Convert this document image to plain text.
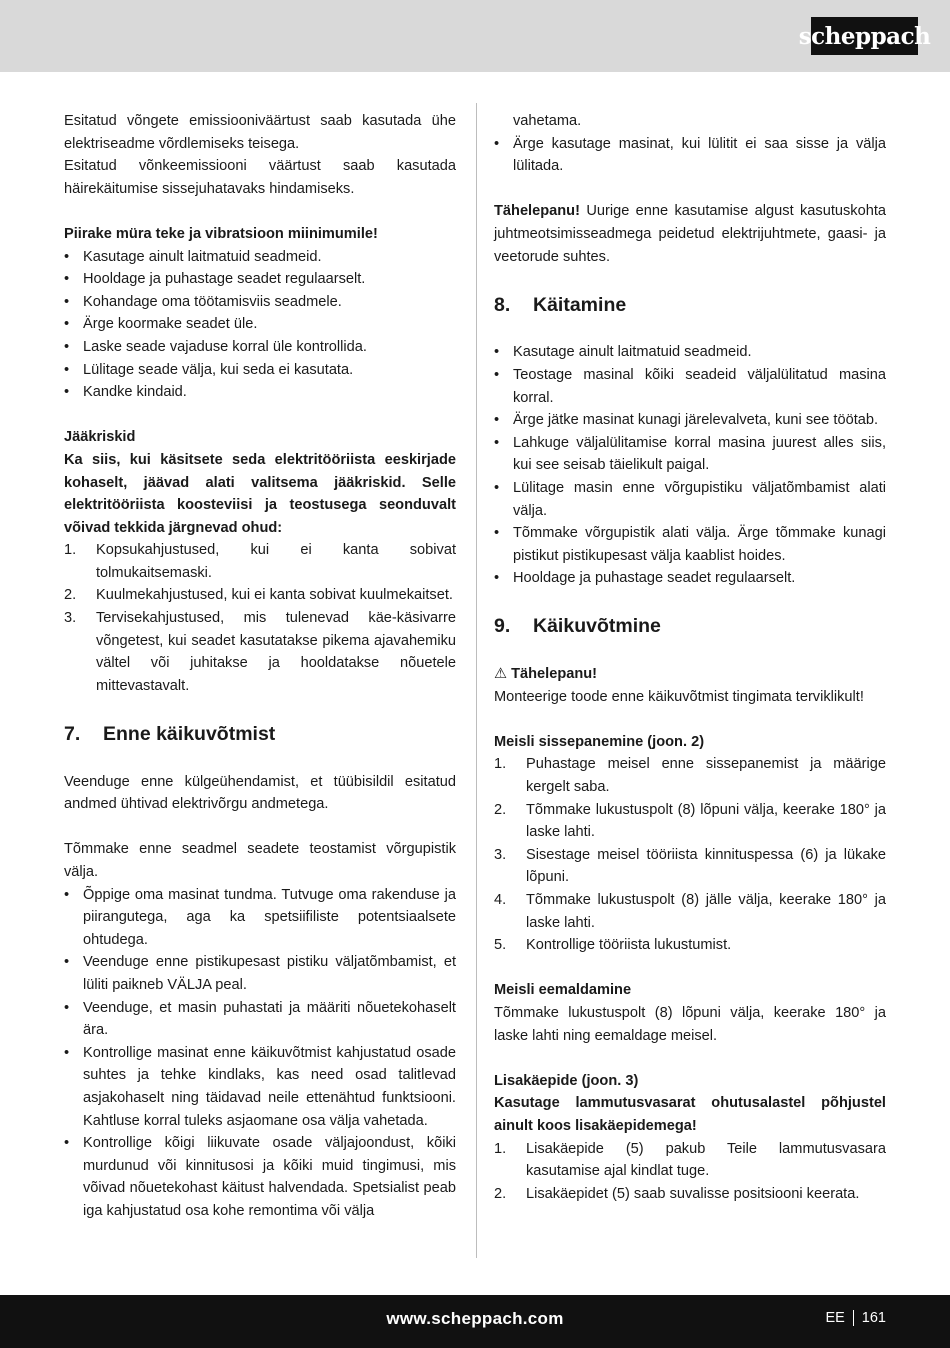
scheppach

Esitatud võngete emissiooniväärtust saab kasutada ühe elektriseadme võrdlemiseks teisega.

Esitatud võnkeemissiooni väärtust saab kasutada häirekäitumise sissejuhatavaks hindamiseks.

Piirake müra teke ja vibratsioon miinimumile!

• Kasutage ainult laitmatuid seadmeid.
• Hooldage ja puhastage seadet regulaarselt.
• Kohandage oma töötamisviis seadmele.
• Ärge koormake seadet üle.
• Laske seade vajaduse korral üle kontrollida.
• Lülitage seade välja, kui seda ei kasutata.
• Kandke kindaid.

Jääkriskid

Ka siis, kui käsitsete seda elektritööriista eeskirjade kohaselt, jäävad alati valitsema jääkriskid. Selle elektritööriista koosteviisi ja teostusega seonduvalt võivad tekkida järgnevad ohud:

1. Kopsukahjustused, kui ei kanta sobivat tolmukaitsemaski.
2. Kuulmekahjustused, kui ei kanta sobivat kuulmekaitset.
3. Tervisekahjustused, mis tulenevad käe-käsivarre võngetest, kui seadet kasutatakse pikema ajavahemiku vältel või juhitakse ja hooldatakse nõuetele mittevastavalt.
7.	Enne käikuvõtmist

Veenduge enne külgeühendamist, et tüübisildil esitatud andmed ühtivad elektrivõrgu andmetega.

Tõmmake enne seadmel seadete teostamist võrgupistik välja.

• Õppige oma masinat tundma. Tutvuge oma rakenduse ja piirangutega, aga ka spetsiifiliste potentsiaalsete ohtudega.
• Veenduge enne pistikupesast pistiku väljatõmbamist, et lüliti paikneb VÄLJA peal.
• Veenduge, et masin puhastati ja määriti nõuetekohaselt ära.
• Kontrollige masinat enne käikuvõtmist kahjustatud osade suhtes ja tehke kindlaks, kas need osad talitlevad asjakohaselt ning täidavad neile ettenähtud funktsiooni. Kahtluse korral tuleks asjaomane osa välja vahetada.
• Kontrollige kõigi liikuvate osade väljajoondust, kõiki murdunud või kinnitusosi ja kõiki muid tingimusi, mis võivad nõuetekohast käitust halvendada. Spetsialist peab iga kahjustatud osa kohe remontima või välja

vahetama.

• Ärge kasutage masinat, kui lülitit ei saa sisse ja välja lülitada.

Tähelepanu! Uurige enne kasutamise algust kasutuskohta juhtmeotsimisseadmega peidetud elektrijuhtmete, gaasi- ja veetorude suhtes.

8.	Käitamine
• Kasutage ainult laitmatuid seadmeid.
• Teostage masinal kõiki seadeid väljalülitatud masina korral.
• Ärge jätke masinat kunagi järelevalveta, kuni see töötab.
• Lahkuge väljalülitamise korral masina juurest alles siis, kui see seisab täielikult paigal.
• Lülitage masin enne võrgupistiku väljatõmbamist alati välja.
• Tõmmake võrgupistik alati välja. Ärge tõmmake kunagi pistikut pistikupesast välja kaablist hoides.
• Hooldage ja puhastage seadet regulaarselt.
9.	Käikuvõtmine

⚠ Tähelepanu!

Monteerige toode enne käikuvõtmist tingimata terviklikult!

Meisli sissepanemine (joon. 2)

1. Puhastage meisel enne sissepanemist ja määrige kergelt saba.
2. Tõmmake lukustuspolt (8) lõpuni välja, keerake 180° ja laske lahti.
3. Sisestage meisel tööriista kinnituspessa (6) ja lükake lõpuni.
4. Tõmmake lukustuspolt (8) jälle välja, keerake 180° ja laske lahti.
5. Kontrollige tööriista lukustumist.

Meisli eemaldamine

Tõmmake lukustuspolt (8) lõpuni välja, keerake 180° ja laske lahti ning eemaldage meisel.

Lisakäepide (joon. 3)

Kasutage lammutusvasarat ohutusalastel põhjustel ainult koos lisakäepidemega!

1. Lisakäepide (5) pakub Teile lammutusvasara kasutamise ajal kindlat tuge.
2. Lisakäepidet (5) saab suvalisse positsiooni keerata.
www.scheppach.com	EE 161
